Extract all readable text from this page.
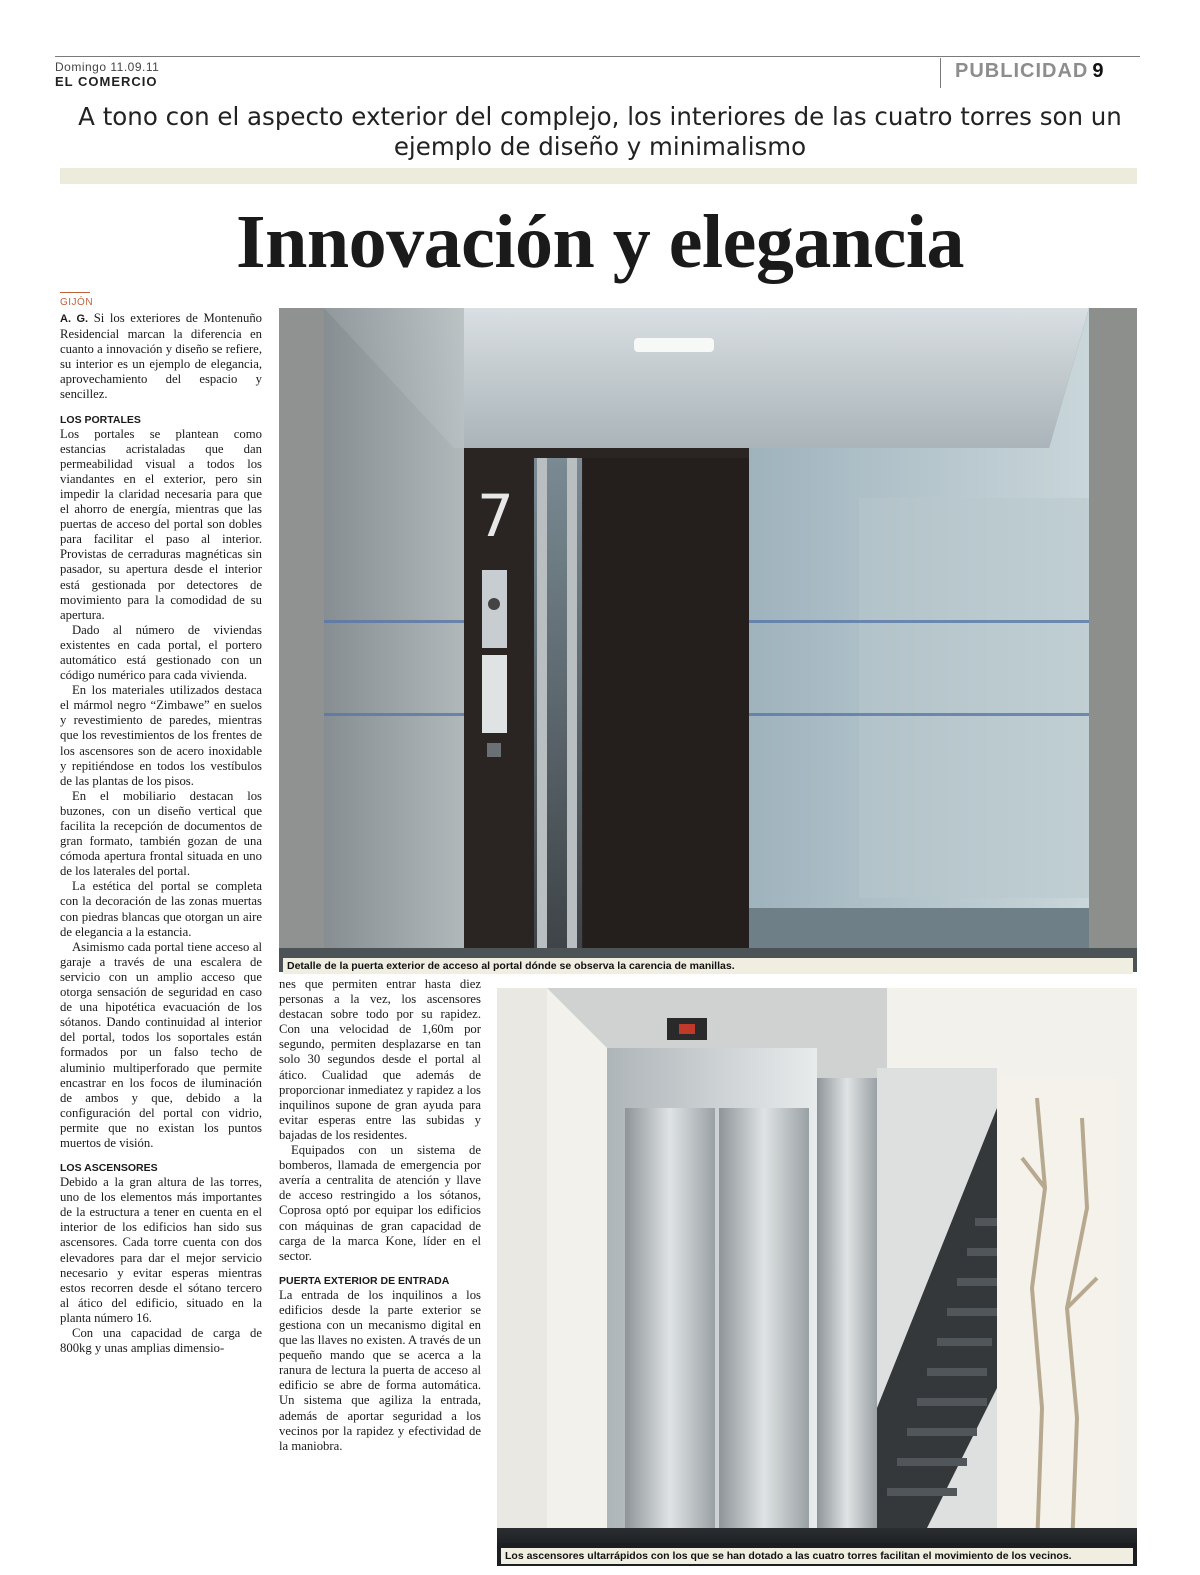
Domingo 11.09.11
EL COMERCIO	PUBLICIDAD 9
A tono con el aspecto exterior del complejo, los interiores de las cuatro torres son un ejemplo de diseño y minimalismo
Innovación y elegancia
GIJÓN

A. G. Si los exteriores de Montenuño Residencial marcan la diferencia en cuanto a innovación y diseño se refiere, su interior es un ejemplo de elegancia, aprovechamiento del espacio y sencillez.

LOS PORTALES

Los portales se plantean como estancias acristaladas que dan permeabilidad visual a todos los viandantes en el exterior, pero sin impedir la claridad necesaria para que el ahorro de energía, mientras que las puertas de acceso del portal son dobles para facilitar el paso al interior. Provistas de cerraduras magnéticas sin pasador, su apertura desde el interior está gestionada por detectores de movimiento para la comodidad de su apertura.

Dado al número de viviendas existentes en cada portal, el portero automático está gestionado con un código numérico para cada vivienda.

En los materiales utilizados destaca el mármol negro “Zimbawe” en suelos y revestimiento de paredes, mientras que los revestimientos de los frentes de los ascensores son de acero inoxidable y repitiéndose en todos los vestíbulos de las plantas de los pisos.

En el mobiliario destacan los buzones, con un diseño vertical que facilita la recepción de documentos de gran formato, también gozan de una cómoda apertura frontal situada en uno de los laterales del portal.

La estética del portal se completa con la decoración de las zonas muertas con piedras blancas que otorgan un aire de elegancia a la estancia.

Asimismo cada portal tiene acceso al garaje a través de una escalera de servicio con un amplio acceso que otorga sensación de seguridad en caso de una hipotética evacuación de los sótanos. Dando continuidad al interior del portal, todos los soportales están formados por un falso techo de aluminio multiperforado que permite encastrar en los focos de iluminación de ambos y que, debido a la configuración del portal con vidrio, permite que no existan los puntos muertos de visión.

LOS ASCENSORES

Debido a la gran altura de las torres, uno de los elementos más importantes de la estructura a tener en cuenta en el interior de los edificios han sido sus ascensores. Cada torre cuenta con dos elevadores para dar el mejor servicio necesario y evitar esperas mientras estos recorren desde el sótano tercero al ático del edificio, situado en la planta número 16.

Con una capacidad de carga de 800kg y unas amplias dimensio-

7
Detalle de la puerta exterior de acceso al portal dónde se observa la carencia de manillas.

nes que permiten entrar hasta diez personas a la vez, los ascensores destacan sobre todo por su rapidez. Con una velocidad de 1,60m por segundo, permiten desplazarse en tan solo 30 segundos desde el portal al ático. Cualidad que además de proporcionar inmediatez y rapidez a los inquilinos supone de gran ayuda para evitar esperas entre las subidas y bajadas de los residentes.

Equipados con un sistema de bomberos, llamada de emergencia por avería a centralita de atención y llave de acceso restringido a los sótanos, Coprosa optó por equipar los edificios con máquinas de gran capacidad de carga de la marca Kone, líder en el sector.

PUERTA EXTERIOR DE ENTRADA

La entrada de los inquilinos a los edificios desde la parte exterior se gestiona con un mecanismo digital en que las llaves no existen. A través de un pequeño mando que se acerca a la ranura de lectura la puerta de acceso al edificio se abre de forma automática. Un sistema que agiliza la entrada, además de aportar seguridad a los vecinos por la rapidez y efectividad de la maniobra.

Los ascensores ultarrápidos con los que se han dotado a las cuatro torres facilitan el movimiento de los vecinos.
